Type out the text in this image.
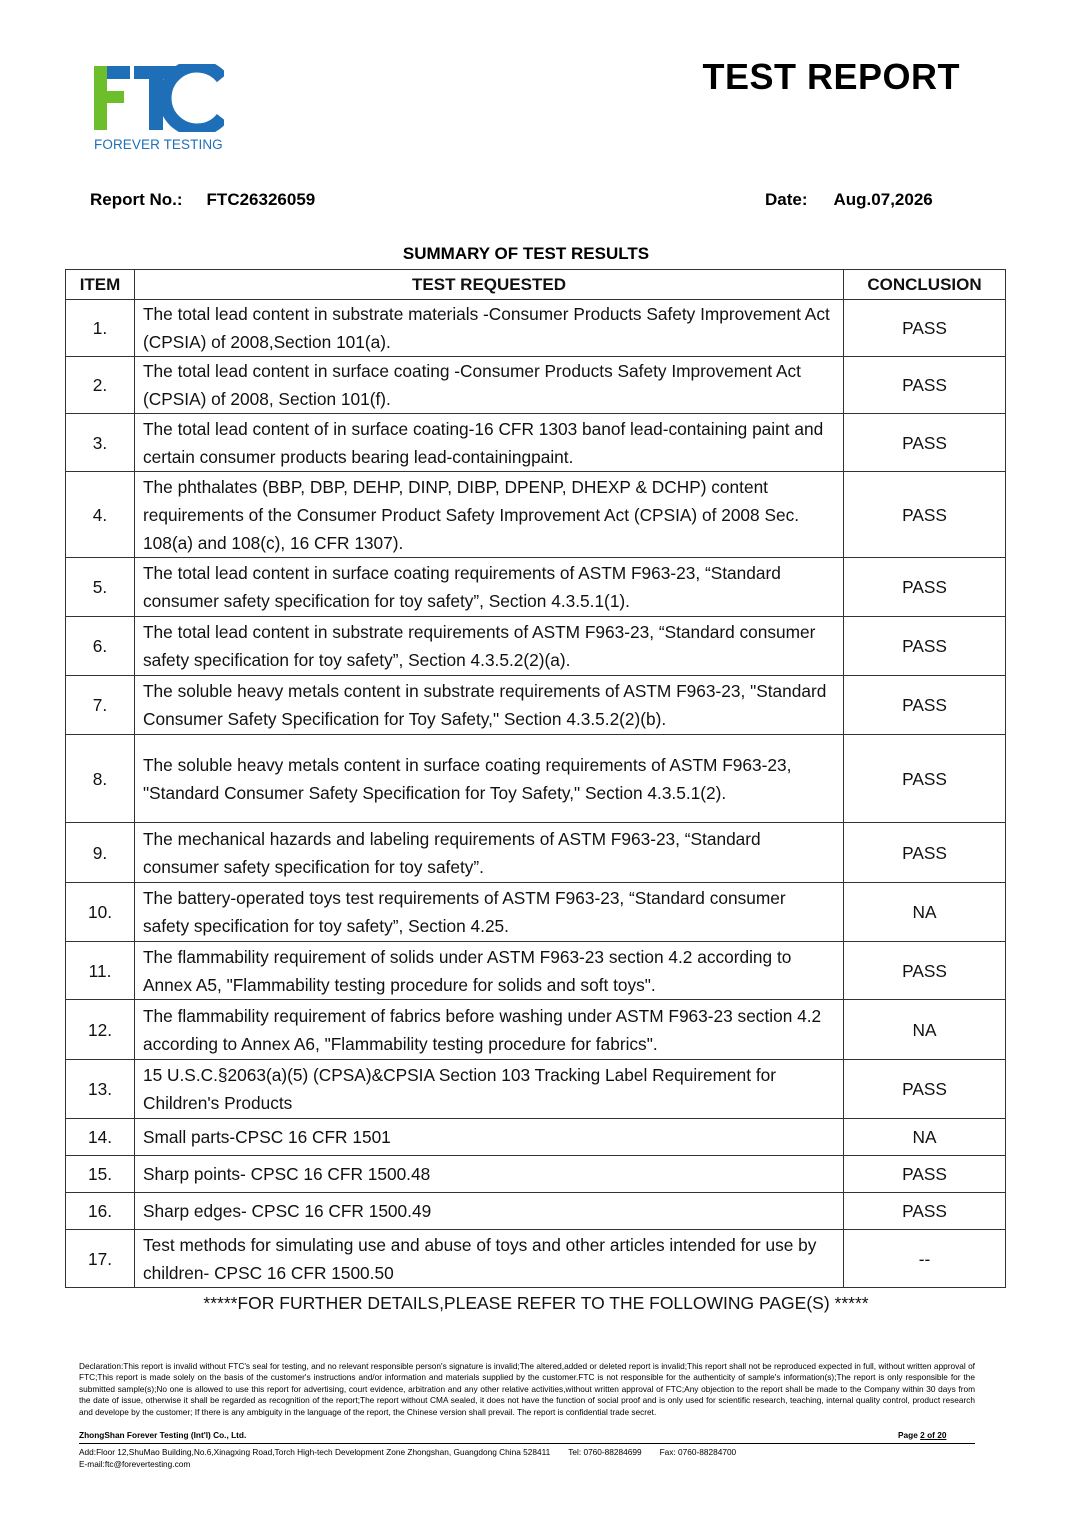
FOREVER TESTING
TEST REPORT
Report No.: FTC26326059	Date: Aug.07,2026
SUMMARY OF TEST RESULTS
ITEM	TEST REQUESTED	CONCLUSION
1.	The total lead content in substrate materials -Consumer Products Safety Improvement Act (CPSIA) of 2008,Section 101(a).	PASS
2.	The total lead content in surface coating -Consumer Products Safety Improvement Act (CPSIA) of 2008, Section 101(f).	PASS
3.	The total lead content of in surface coating-16 CFR 1303 banof lead-containing paint and certain consumer products bearing lead-containingpaint.	PASS
4.	The phthalates (BBP, DBP, DEHP, DINP, DIBP, DPENP, DHEXP & DCHP) content requirements of the Consumer Product Safety Improvement Act (CPSIA) of 2008 Sec. 108(a) and 108(c), 16 CFR 1307).	PASS
5.	The total lead content in surface coating requirements of ASTM F963-23, “Standard consumer safety specification for toy safety”, Section 4.3.5.1(1).	PASS
6.	The total lead content in substrate requirements of ASTM F963-23, “Standard consumer safety specification for toy safety”, Section 4.3.5.2(2)(a).	PASS
7.	The soluble heavy metals content in substrate requirements of ASTM F963-23, "Standard Consumer Safety Specification for Toy Safety," Section 4.3.5.2(2)(b).	PASS
8.	The soluble heavy metals content in surface coating requirements of ASTM F963-23, "Standard Consumer Safety Specification for Toy Safety," Section 4.3.5.1(2).	PASS
9.	The mechanical hazards and labeling requirements of ASTM F963-23, “Standard consumer safety specification for toy safety”.	PASS
10.	The battery-operated toys test requirements of ASTM F963-23, “Standard consumer safety specification for toy safety”, Section 4.25.	NA
11.	The flammability requirement of solids under ASTM F963-23 section 4.2 according to Annex A5, "Flammability testing procedure for solids and soft toys".	PASS
12.	The flammability requirement of fabrics before washing under ASTM F963-23 section 4.2 according to Annex A6, "Flammability testing procedure for fabrics".	NA
13.	15 U.S.C.§2063(a)(5) (CPSA)&CPSIA Section 103 Tracking Label Requirement for Children's Products	PASS
14.	Small parts-CPSC 16 CFR 1501	NA
15.	Sharp points- CPSC 16 CFR 1500.48	PASS
16.	Sharp edges- CPSC 16 CFR 1500.49	PASS
17.	Test methods for simulating use and abuse of toys and other articles intended for use by children- CPSC 16 CFR 1500.50	--
*****FOR FURTHER DETAILS,PLEASE REFER TO THE FOLLOWING PAGE(S) *****
Declaration:This report is invalid without FTC's seal for testing, and no relevant responsible person's signature is invalid;The altered,added or deleted report is invalid;This report shall not be reproduced expected in full, without written approval of FTC;This report is made solely on the basis of the customer's instructions and/or information and materials supplied by the customer.FTC is not responsible for the authenticity of sample's information(s);The report is only responsible for the submitted sample(s);No one is allowed to use this report for advertising, court evidence, arbitration and any other relative activities,without written approval of FTC;Any objection to the report shall be made to the Company within 30 days from the date of issue, otherwise it shall be regarded as recognition of the report;The report without CMA sealed, it does not have the function of social proof and is only used for scientific research, teaching, internal quality control, product research and develope by the customer; If there is any ambiguity in the language of the report, the Chinese version shall prevail. The report is confidential trade secret.
ZhongShan Forever Testing (Int'l) Co., Ltd.	Page 2 of 20
Add:Floor 12,ShuMao Building,No.6,Xinagxing Road,Torch High-tech Development Zone Zhongshan, Guangdong China 528411 Tel: 0760-88284699 Fax: 0760-88284700
E-mail:ftc@forevertesting.com
